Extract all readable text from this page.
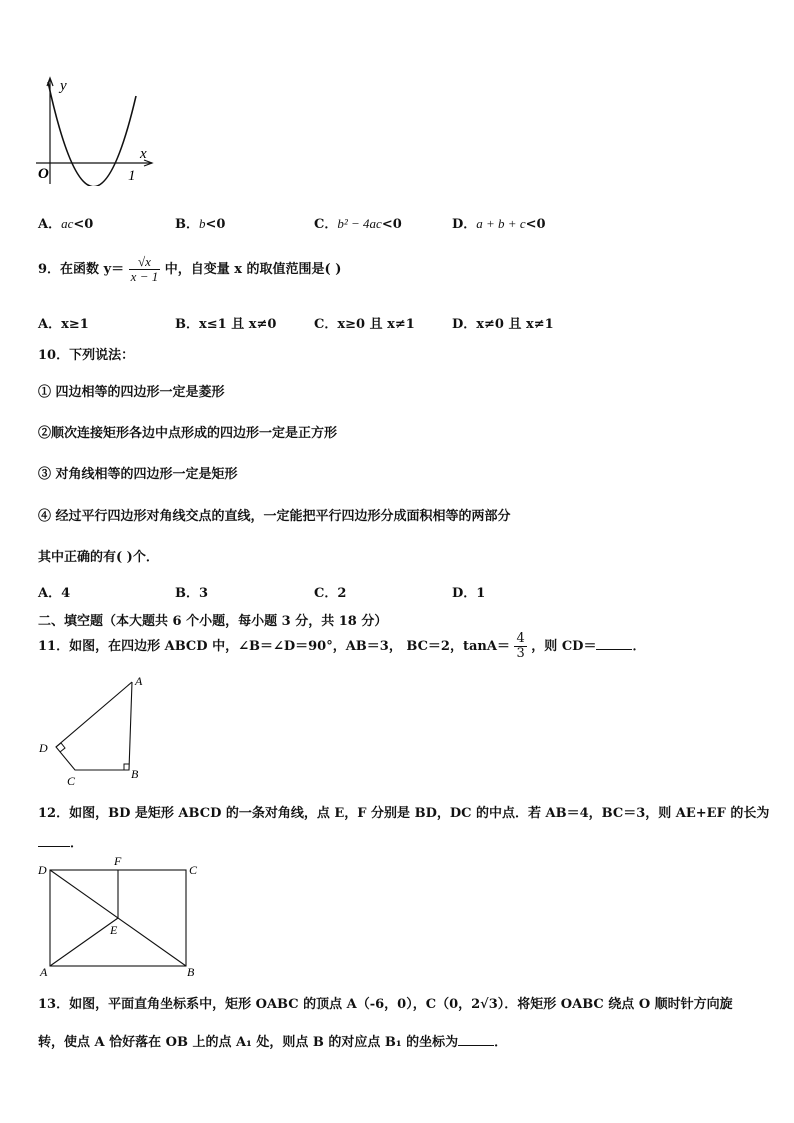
y
x
O	1
A．ac<0	B．b<0	C．b² − 4ac<0	D．a + b + c<0
9．在函数 $y= \frac{√x}{x - 1}$ 中，自变量 x 的取值范围是( )
A．x≥1	B．x≤1 且 x≠0	C．x≥0 且 x≠1	D．x≠0 且 x≠1
10．下列说法：
① 四边相等的四边形一定是菱形
②顺次连接矩形各边中点形成的四边形一定是正方形
③ 对角线相等的四边形一定是矩形
④ 经过平行四边形对角线交点的直线，一定能把平行四边形分成面积相等的两部分
其中正确的有( )个．
A．4	B．3	C．2	D．1
二、填空题（本大题共 6 个小题，每小题 3 分，共 18 分）
11．如图，在四边形 ABCD 中，∠B＝∠D＝90°，AB＝3， BC＝2，$\tan A= \frac{4}{3}$ ，则 CD＝	．
A
B
C
D
12．如图，BD 是矩形 ABCD 的一条对角线，点 E，F 分别是 BD，DC 的中点．若 AB＝4，BC＝3，则 AE+EF 的长为
．
D	C
A	B
F
E
13．如图，平面直角坐标系中，矩形 OABC 的顶点 A（-6，0），C（0，2√3）．将矩形 OABC 绕点 O 顺时针方向旋
转，使点 A 恰好落在 OB 上的点 A₁ 处，则点 B 的对应点 B₁ 的坐标为	．
